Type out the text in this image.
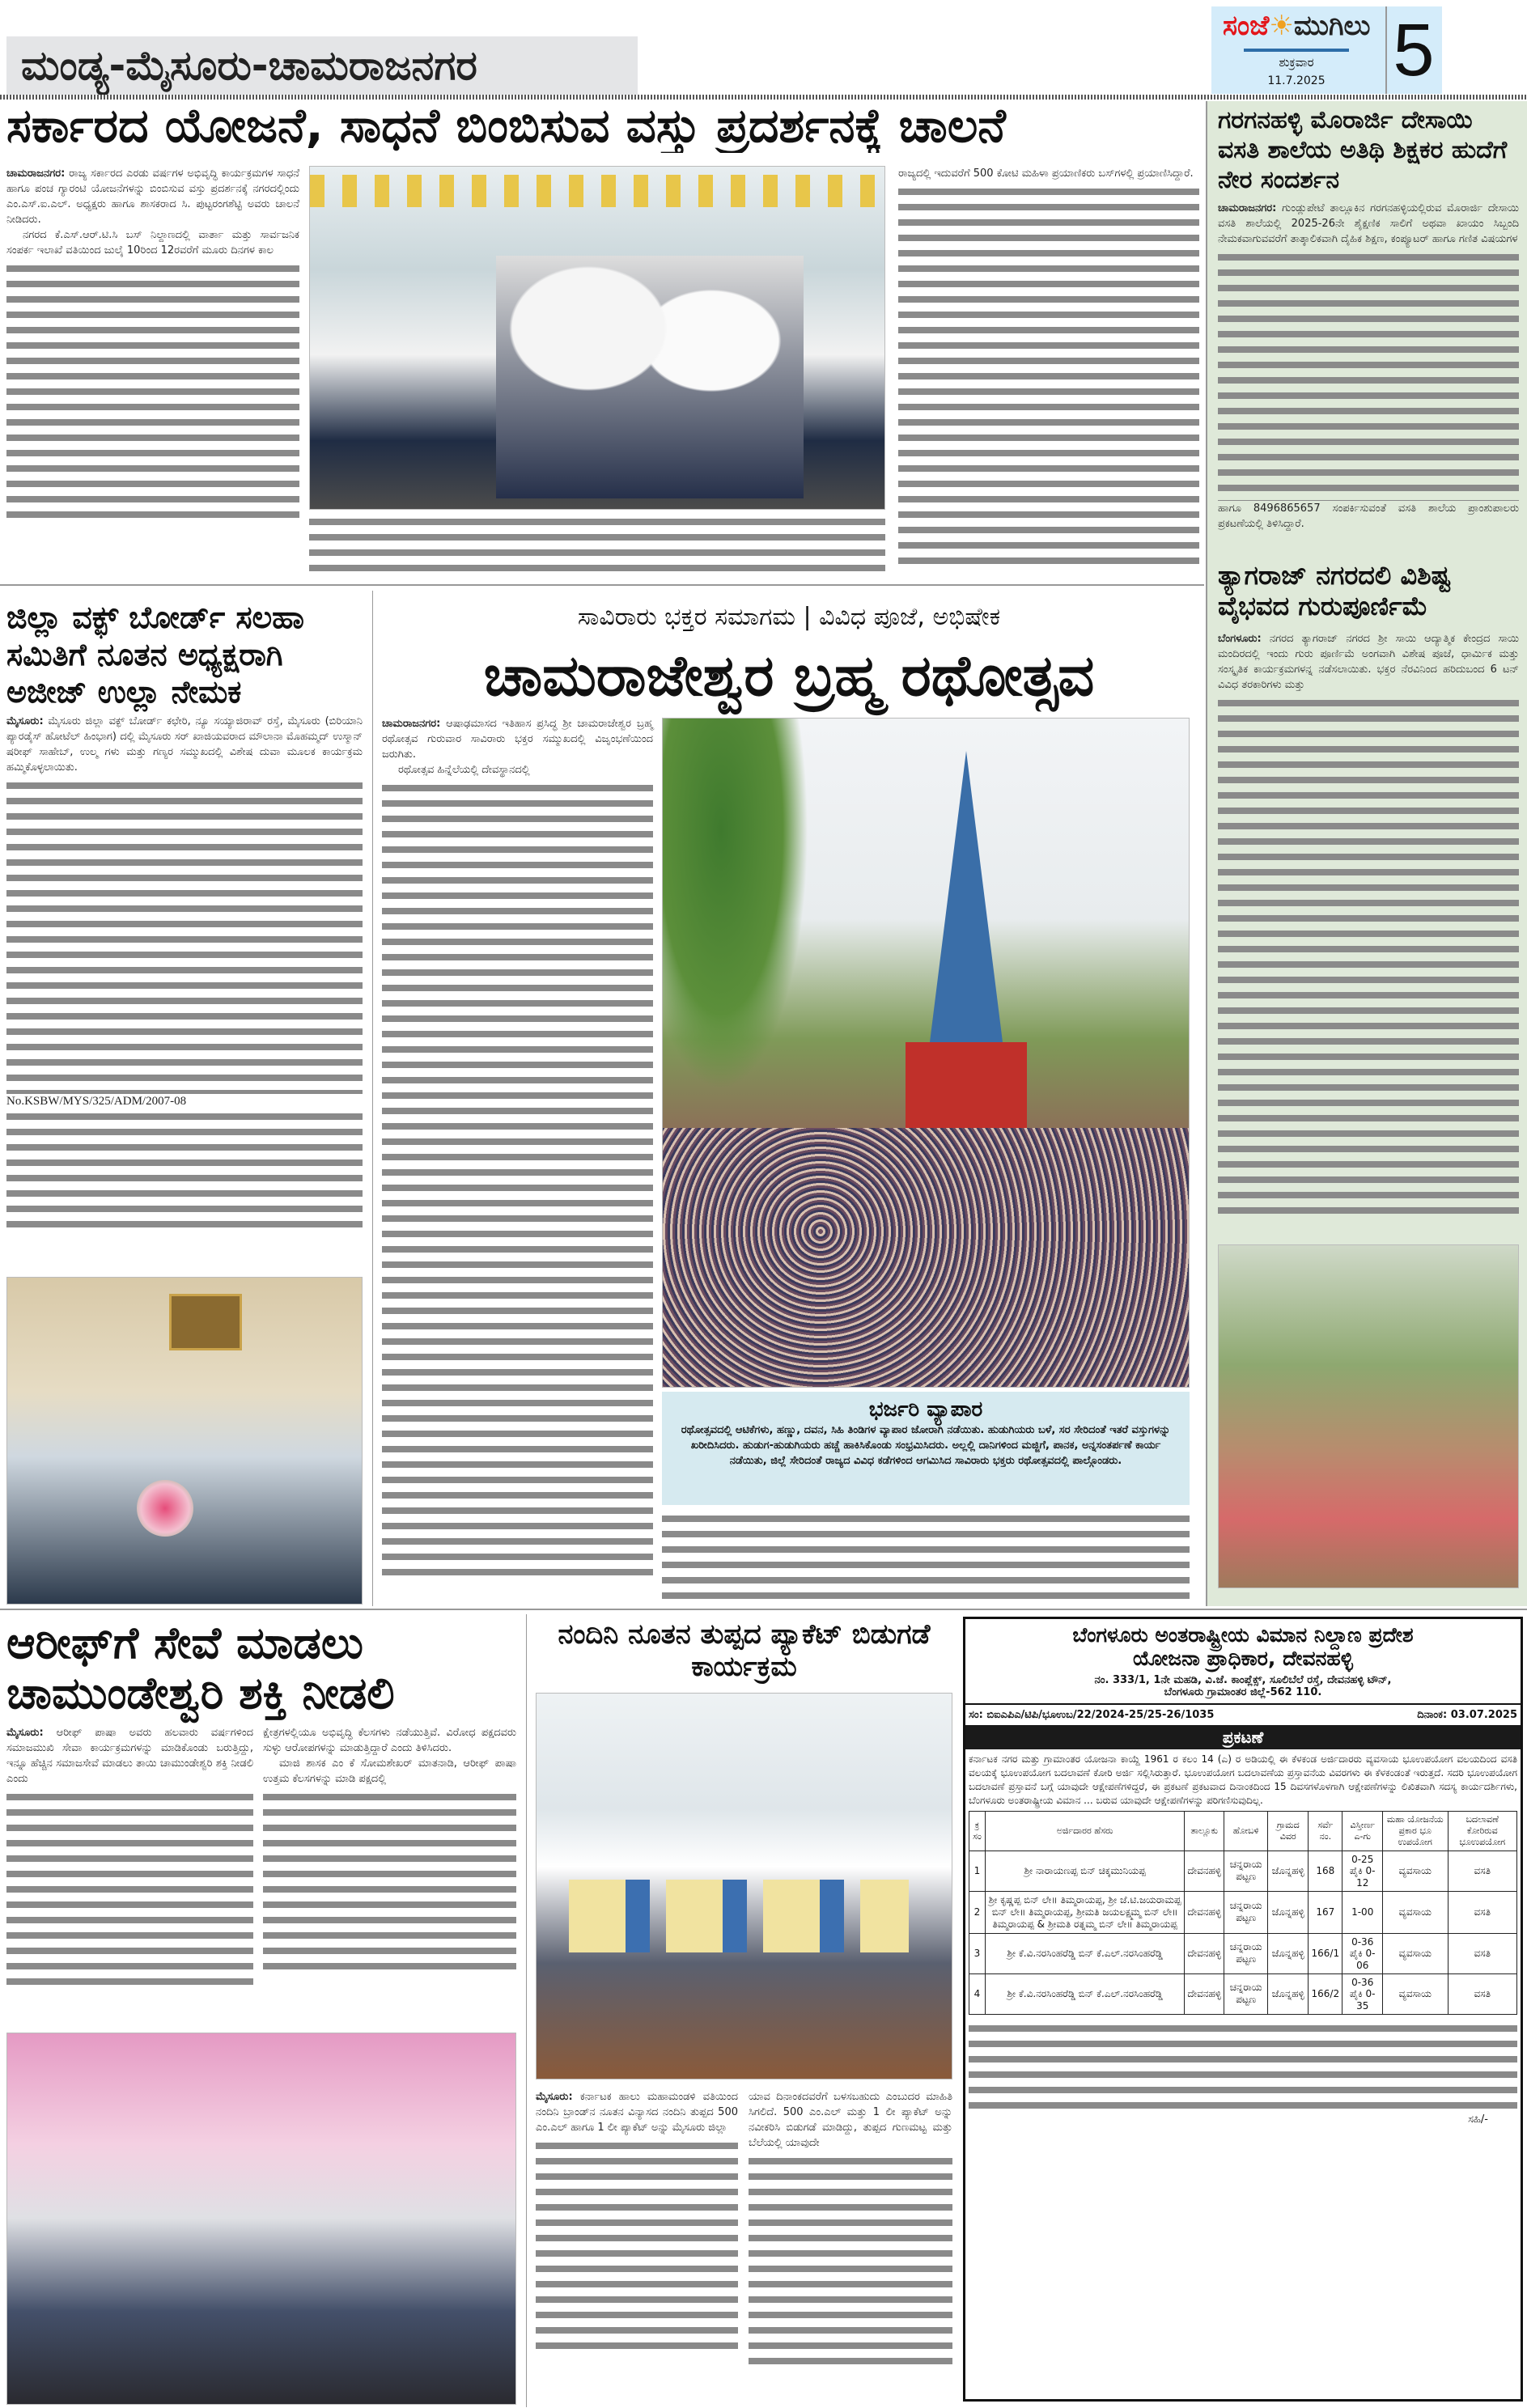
ಮಂಡ್ಯ-ಮೈಸೂರು-ಚಾಮರಾಜನಗರ
ಸಂಜೆ☀ಮುಗಿಲು
ಶುಕ್ರವಾರ
11.7.2025 5
ಸರ್ಕಾರದ ಯೋಜನೆ, ಸಾಧನೆ ಬಿಂಬಿಸುವ ವಸ್ತು ಪ್ರದರ್ಶನಕ್ಕೆ ಚಾಲನೆ

ಚಾಮರಾಜನಗರ: ರಾಜ್ಯ ಸರ್ಕಾರದ ಎರಡು ವರ್ಷಗಳ ಅಭಿವೃದ್ಧಿ ಕಾರ್ಯಕ್ರಮಗಳ ಸಾಧನೆ ಹಾಗೂ ಪಂಚ ಗ್ಯಾರಂಟಿ ಯೋಜನೆಗಳನ್ನು ಬಿಂಬಿಸುವ ವಸ್ತು ಪ್ರದರ್ಶನಕ್ಕೆ ನಗರದಲ್ಲಿಂದು ಎಂ.ಎಸ್.ಐ.ಎಲ್. ಅಧ್ಯಕ್ಷರು ಹಾಗೂ ಶಾಸಕರಾದ ಸಿ. ಪುಟ್ಟರಂಗಶೆಟ್ಟಿ ಅವರು ಚಾಲನೆ ನೀಡಿದರು.

ನಗರದ ಕೆ.ಎಸ್.ಆರ್.ಟಿ.ಸಿ ಬಸ್ ನಿಲ್ದಾಣದಲ್ಲಿ ವಾರ್ತಾ ಮತ್ತು ಸಾರ್ವಜನಿಕ ಸಂಪರ್ಕ ಇಲಾಖೆ ವತಿಯಿಂದ ಜುಲೈ 10ರಿಂದ 12ರವರೆಗೆ ಮೂರು ದಿನಗಳ ಕಾಲ

ರಾಜ್ಯದಲ್ಲಿ ಇದುವರೆಗೆ 500 ಕೋಟಿ ಮಹಿಳಾ ಪ್ರಯಾಣಿಕರು ಬಸ್‌ಗಳಲ್ಲಿ ಪ್ರಯಾಣಿಸಿದ್ದಾರೆ.

ಜಿಲ್ಲಾ ವಕ್ಫ್ ಬೋರ್ಡ್ ಸಲಹಾ ಸಮಿತಿಗೆ ನೂತನ ಅಧ್ಯಕ್ಷರಾಗಿ ಅಜೀಜ್ ಉಲ್ಲಾ ನೇಮಕ

ಮೈಸೂರು: ಮೈಸೂರು ಜಿಲ್ಲಾ ವಕ್ಫ್ ಬೋರ್ಡ್ ಕಛೇರಿ, ನ್ಯೂ ಸಯ್ಯಾಜಿರಾವ್ ರಸ್ತೆ, ಮೈಸೂರು (ಬಿರಿಯಾನಿ ಪ್ಯಾರಡೈಸ್ ಹೋಟೆಲ್ ಹಿಂಭಾಗ) ದಲ್ಲಿ ಮೈಸೂರು ಸರ್ ಖಾಜಿಯವರಾದ ಮೌಲಾನಾ ಮೊಹಮ್ಮದ್ ಉಸ್ಮಾನ್ ಷರೀಫ್ ಸಾಹೇಬ್, ಉಲ್ಮ ಗಳು ಮತ್ತು ಗಣ್ಯರ ಸಮ್ಮುಖದಲ್ಲಿ ವಿಶೇಷ ದುವಾ ಮೂಲಕ ಕಾರ್ಯಕ್ರಮ ಹಮ್ಮಿಕೊಳ್ಳಲಾಯಿತು.

No.KSBW/MYS/325/ADM/2007-08

ಸಾವಿರಾರು ಭಕ್ತರ ಸಮಾಗಮ | ವಿವಿಧ ಪೂಜೆ, ಅಭಿಷೇಕ
ಚಾಮರಾಜೇಶ್ವರ ಬ್ರಹ್ಮ ರಥೋತ್ಸವ

ಚಾಮರಾಜನಗರ: ಆಷಾಢಮಾಸದ ಇತಿಹಾಸ ಪ್ರಸಿದ್ಧ ಶ್ರೀ ಚಾಮರಾಜೇಶ್ವರ ಬ್ರಹ್ಮ ರಥೋತ್ಸವ ಗುರುವಾರ ಸಾವಿರಾರು ಭಕ್ತರ ಸಮ್ಮುಖದಲ್ಲಿ ವಿಜೃಂಭಣೆಯಿಂದ ಜರುಗಿತು.

ರಥೋತ್ಸವ ಹಿನ್ನೆಲೆಯಲ್ಲಿ ದೇವಸ್ಥಾನದಲ್ಲಿ

ಭರ್ಜರಿ ವ್ಯಾಪಾರ
ರಥೋತ್ಸವದಲ್ಲಿ ಆಟಿಕೆಗಳು, ಹಣ್ಣು, ದವನ, ಸಿಹಿ ತಿಂಡಿಗಳ ವ್ಯಾಪಾರ ಜೋರಾಗಿ ನಡೆಯಿತು. ಹುಡುಗಿಯರು ಬಳೆ, ಸರ ಸೇರಿದಂತೆ ಇತರೆ ವಸ್ತುಗಳನ್ನು ಖರೀದಿಸಿದರು. ಹುಡುಗ-ಹುಡುಗಿಯರು ಹಚ್ಚೆ ಹಾಕಿಸಿಕೊಂಡು ಸಂಭ್ರಮಿಸಿದರು. ಅಲ್ಲಲ್ಲಿ ದಾನಿಗಳಿಂದ ಮಜ್ಜಿಗೆ, ಪಾನಕ, ಅನ್ನಸಂತರ್ಪಣೆ ಕಾರ್ಯ ನಡೆಯಿತು, ಜಿಲ್ಲೆ ಸೇರಿದಂತೆ ರಾಜ್ಯದ ವಿವಿಧ ಕಡೆಗಳಿಂದ ಆಗಮಿಸಿದ ಸಾವಿರಾರು ಭಕ್ತರು ರಥೋತ್ಸವದಲ್ಲಿ ಪಾಲ್ಗೊಂಡರು.
ಗರಗನಹಳ್ಳಿ ಮೊರಾರ್ಜಿ ದೇಸಾಯಿ ವಸತಿ ಶಾಲೆಯ ಅತಿಥಿ ಶಿಕ್ಷಕರ ಹುದೆಗೆ ನೇರ ಸಂದರ್ಶನ

ಚಾಮರಾಜನಗರ: ಗುಂಡ್ಲುಪೇಟೆ ತಾಲ್ಲೂಕಿನ ಗರಗನಹಳ್ಳಿಯಲ್ಲಿರುವ ಮೊರಾರ್ಜಿ ದೇಸಾಯಿ ವಸತಿ ಶಾಲೆಯಲ್ಲಿ 2025-26ನೇ ಶೈಕ್ಷಣಿಕ ಸಾಲಿಗೆ ಅಥವಾ ಖಾಯಂ ಸಿಬ್ಬಂದಿ ನೇಮಕವಾಗುವವರೆಗೆ ತಾತ್ಕಾಲಿಕವಾಗಿ ದೈಹಿಕ ಶಿಕ್ಷಣ, ಕಂಪ್ಯೂಟರ್ ಹಾಗೂ ಗಣಿತ ವಿಷಯಗಳ

ಹಾಗೂ 8496865657 ಸಂಪರ್ಕಿಸುವಂತೆ ವಸತಿ ಶಾಲೆಯ ಪ್ರಾಂಶುಪಾಲರು ಪ್ರಕಟಣೆಯಲ್ಲಿ ತಿಳಿಸಿದ್ದಾರೆ.

ತ್ಯಾಗರಾಜ್ ನಗರದಲಿ ವಿಶಿಷ್ಟ ವೈಭವದ ಗುರುಪೂರ್ಣಿಮೆ

ಬೆಂಗಳೂರು: ನಗರದ ತ್ಯಾಗರಾಜ್ ನಗರದ ಶ್ರೀ ಸಾಯಿ ಆದ್ಯಾತ್ಮಿಕ ಕೇಂದ್ರದ ಸಾಯಿ ಮಂದಿರದಲ್ಲಿ ಇಂದು ಗುರು ಪೂರ್ಣಿಮೆ ಅಂಗವಾಗಿ ವಿಶೇಷ ಪೂಜೆ, ಧಾರ್ಮಿಕ ಮತ್ತು ಸಂಸ್ಕೃತಿಕ ಕಾರ್ಯಕ್ರಮಗಳನ್ನ ನಡೆಸಲಾಯಿತು. ಭಕ್ತರ ನೆರವಿನಿಂದ ಹರಿದುಬಂದ 6 ಟನ್ ವಿವಿಧ ತರಕಾರಿಗಳು ಮತ್ತು

ಆರೀಫ್‌ಗೆ ಸೇವೆ ಮಾಡಲು ಚಾಮುಂಡೇಶ್ವರಿ ಶಕ್ತಿ ನೀಡಲಿ

ಮೈಸೂರು: ಆರೀಫ್ ಪಾಷಾ ಅವರು ಹಲವಾರು ವರ್ಷಗಳಿಂದ ಸಮಾಜಮುಖಿ ಸೇವಾ ಕಾರ್ಯಕ್ರಮಗಳನ್ನು ಮಾಡಿಕೊಂಡು ಬರುತ್ತಿದ್ದು, ಇನ್ನೂ ಹೆಚ್ಚಿನ ಸಮಾಜಸೇವೆ ಮಾಡಲು ತಾಯಿ ಚಾಮುಂಡೇಶ್ವರಿ ಶಕ್ತಿ ನೀಡಲಿ ಎಂದು

ಕ್ಷೇತ್ರಗಳಲ್ಲಿಯೂ ಅಭಿವೃದ್ಧಿ ಕೆಲಸಗಳು ನಡೆಯುತ್ತಿವೆ. ವಿರೋಧ ಪಕ್ಷದವರು ಸುಳ್ಳು ಆರೋಪಗಳನ್ನು ಮಾಡುತ್ತಿದ್ದಾರೆ ಎಂದು ತಿಳಿಸಿದರು.

ಮಾಜಿ ಶಾಸಕ ಎಂ ಕೆ ಸೋಮಶೇಖರ್ ಮಾತನಾಡಿ, ಆರೀಫ್ ಪಾಷಾ ಉತ್ತಮ ಕೆಲಸಗಳನ್ನು ಮಾಡಿ ಪಕ್ಷದಲ್ಲಿ

ನಂದಿನಿ ನೂತನ ತುಪ್ಪದ ಪ್ಯಾಕೆಟ್ ಬಿಡುಗಡೆ ಕಾರ್ಯಕ್ರಮ

ಮೈಸೂರು: ಕರ್ನಾಟಕ ಹಾಲು ಮಹಾಮಂಡಳಿ ವತಿಯಿಂದ ನಂದಿನಿ ಬ್ರಾಂಡ್‌ನ ನೂತನ ವಿನ್ಯಾಸದ ನಂದಿನಿ ತುಪ್ಪದ 500 ಎಂ.ಎಲ್ ಹಾಗೂ 1 ಲೀ ಪ್ಯಾಕೆಟ್ ಅನ್ನು ಮೈಸೂರು ಜಿಲ್ಲಾ

ಯಾವ ದಿನಾಂಕದವರೆಗೆ ಬಳಸಬಹುದು ಎಂಬುದರ ಮಾಹಿತಿ ಸಿಗಲಿದೆ. 500 ಎಂ.ಎಲ್ ಮತ್ತು 1 ಲೀ ಪ್ಯಾಕೆಟ್ ಅನ್ನು ನವೀಕರಿಸಿ ಬಿಡುಗಡೆ ಮಾಡಿದ್ದು, ತುಪ್ಪದ ಗುಣಮಟ್ಟ ಮತ್ತು ಬೆಲೆಯಲ್ಲಿ ಯಾವುದೇ

ಬೆಂಗಳೂರು ಅಂತರಾಷ್ಟ್ರೀಯ ವಿಮಾನ ನಿಲ್ದಾಣ ಪ್ರದೇಶ
ಯೋಜನಾ ಪ್ರಾಧಿಕಾರ, ದೇವನಹಳ್ಳಿ
ನಂ. 333/1, 1ನೇ ಮಹಡಿ, ವಿ.ಜೆ. ಕಾಂಪ್ಲೆಕ್ಸ್, ಸೂಲಿಬೆಲೆ ರಸ್ತೆ, ದೇವನಹಳ್ಳಿ ಟೌನ್,
ಬೆಂಗಳೂರು ಗ್ರಾಮಾಂತರ ಜಿಲ್ಲೆ-562 110.
ಸಂ: ಬಿಐಎಪಿಎ/ಟಿಪಿ/ಭೂಉಬ/22/2024-25/25-26/1035	ದಿನಾಂಕ: 03.07.2025
ಪ್ರಕಟಣೆ
ಕರ್ನಾಟಕ ನಗರ ಮತ್ತು ಗ್ರಾಮಾಂತರ ಯೋಜನಾ ಕಾಯ್ದೆ 1961 ರ ಕಲಂ 14 (ಎ) ರ ಅಡಿಯಲ್ಲಿ ಈ ಕೆಳಕಂಡ ಅರ್ಜಿದಾರರು ವ್ಯವಸಾಯ ಭೂಉಪಯೋಗ ವಲಯದಿಂದ ವಸತಿ ವಲಯಕ್ಕೆ ಭೂಉಪಯೋಗ ಬದಲಾವಣೆ ಕೋರಿ ಅರ್ಜಿ ಸಲ್ಲಿಸಿರುತ್ತಾರೆ. ಭೂಉಪಯೋಗ ಬದಲಾವಣೆಯ ಪ್ರಸ್ತಾವನೆಯ ವಿವರಗಳು ಈ ಕೆಳಕಂಡಂತೆ ಇರುತ್ತದೆ. ಸದರಿ ಭೂಉಪಯೋಗ ಬದಲಾವಣೆ ಪ್ರಸ್ತಾವನೆ ಬಗ್ಗೆ ಯಾವುದೇ ಆಕ್ಷೇಪಣೆಗಳಿದ್ದರೆ, ಈ ಪ್ರಕಟಣೆ ಪ್ರಕಟವಾದ ದಿನಾಂಕದಿಂದ 15 ದಿವಸಗಳೊಳಗಾಗಿ ಆಕ್ಷೇಪಣೆಗಳನ್ನು ಲಿಖಿತವಾಗಿ ಸದಸ್ಯ ಕಾರ್ಯದರ್ಶಿಗಳು, ಬೆಂಗಳೂರು ಅಂತರಾಷ್ಟ್ರೀಯ ವಿಮಾನ ... ಬರುವ ಯಾವುದೇ ಆಕ್ಷೇಪಣೆಗಳನ್ನು ಪರಿಗಣಿಸುವುದಿಲ್ಲ.
ಕ್ರ ಸಂ	ಅರ್ಜಿದಾರರ ಹೆಸರು	ತಾಲ್ಲೂಕು	ಹೋಬಳಿ	ಗ್ರಾಮದ ವಿವರ	ಸರ್ವೆ ನಂ.	ವಿಸ್ತೀರ್ಣ ಎ-ಗು	ಮಹಾ ಯೋಜನೆಯ ಪ್ರಕಾರ ಭೂ ಉಪಯೋಗ	ಬದಲಾವಣೆ ಕೋರಿರುವ ಭೂಉಪಯೋಗ
1	ಶ್ರೀ ನಾರಾಯಣಪ್ಪ ಬಿನ್ ಚಿಕ್ಕಮುನಿಯಪ್ಪ	ದೇವನಹಳ್ಳಿ	ಚನ್ನರಾಯ ಪಟ್ಟಣ	ಜೊನ್ನಹಳ್ಳಿ	168	0-25 ಪೈಕಿ 0-12	ವ್ಯವಸಾಯ	ವಸತಿ
2	ಶ್ರೀ ಕೃಷ್ಣಪ್ಪ ಬಿನ್ ಲೇ॥ ತಿಮ್ಮರಾಯಪ್ಪ, ಶ್ರೀ ಜೆ.ಟಿ.ಜಯರಾಮಪ್ಪ ಬಿನ್ ಲೇ॥ ತಿಮ್ಮರಾಯಪ್ಪ, ಶ್ರೀಮತಿ ಜಯಲಕ್ಷ್ಮಮ್ಮ ಬಿನ್ ಲೇ॥ ತಿಮ್ಮರಾಯಪ್ಪ & ಶ್ರೀಮತಿ ರತ್ನಮ್ಮ ಬಿನ್ ಲೇ॥ ತಿಮ್ಮರಾಯಪ್ಪ	ದೇವನಹಳ್ಳಿ	ಚನ್ನರಾಯ ಪಟ್ಟಣ	ಜೊನ್ನಹಳ್ಳಿ	167	1-00	ವ್ಯವಸಾಯ	ವಸತಿ
3	ಶ್ರೀ ಕೆ.ವಿ.ನರಸಿಂಹರೆಡ್ಡಿ ಬಿನ್ ಕೆ.ಎಲ್.ನರಸಿಂಹರೆಡ್ಡಿ	ದೇವನಹಳ್ಳಿ	ಚನ್ನರಾಯ ಪಟ್ಟಣ	ಜೊನ್ನಹಳ್ಳಿ	166/1	0-36 ಪೈಕಿ 0-06	ವ್ಯವಸಾಯ	ವಸತಿ
4	ಶ್ರೀ ಕೆ.ವಿ.ನರಸಿಂಹರೆಡ್ಡಿ ಬಿನ್ ಕೆ.ಎಲ್.ನರಸಿಂಹರೆಡ್ಡಿ	ದೇವನಹಳ್ಳಿ	ಚನ್ನರಾಯ ಪಟ್ಟಣ	ಜೊನ್ನಹಳ್ಳಿ	166/2	0-36 ಪೈಕಿ 0-35	ವ್ಯವಸಾಯ	ವಸತಿ
ಸಹಿ/-
